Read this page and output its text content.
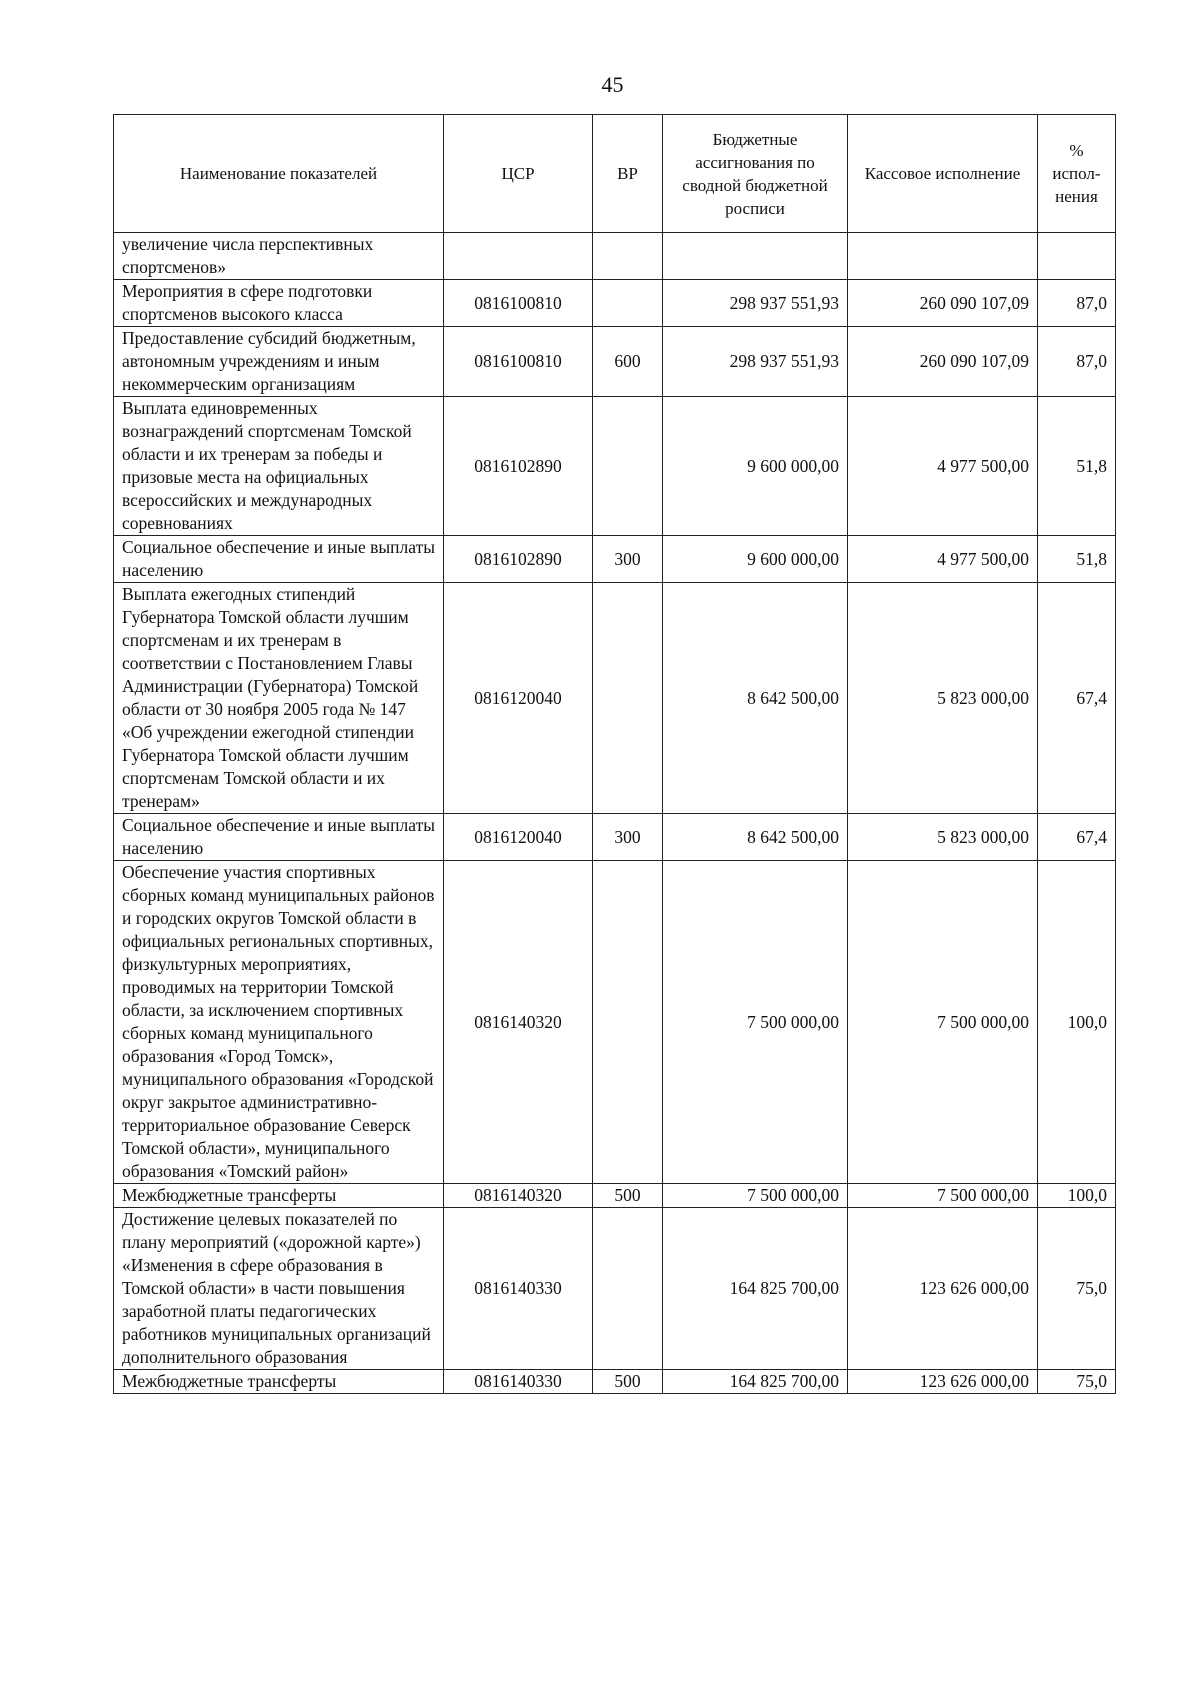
45
Наименование показателей	ЦСР	ВР	Бюджетные ассигнования по сводной бюджетной росписи	Кассовое исполнение	% испол-нения
увеличение числа перспективных спортсменов»					
Мероприятия в сфере подготовки спортсменов высокого класса	0816100810		298 937 551,93	260 090 107,09	87,0
Предоставление субсидий бюджетным, автономным учреждениям и иным некоммерческим организациям	0816100810	600	298 937 551,93	260 090 107,09	87,0
Выплата единовременных вознаграждений спортсменам Томской области и их тренерам за победы и призовые места на официальных всероссийских и международных соревнованиях	0816102890		9 600 000,00	4 977 500,00	51,8
Социальное обеспечение и иные выплаты населению	0816102890	300	9 600 000,00	4 977 500,00	51,8
Выплата ежегодных стипендий Губернатора Томской области лучшим спортсменам и их тренерам в соответствии с Постановлением Главы Администрации (Губернатора) Томской области от 30 ноября 2005 года № 147 «Об учреждении ежегодной стипендии Губернатора Томской области лучшим спортсменам Томской области и их тренерам»	0816120040		8 642 500,00	5 823 000,00	67,4
Социальное обеспечение и иные выплаты населению	0816120040	300	8 642 500,00	5 823 000,00	67,4
Обеспечение участия спортивных сборных команд муниципальных районов и городских округов Томской области в официальных региональных спортивных, физкультурных мероприятиях, проводимых на территории Томской области, за исключением спортивных сборных команд муниципального образования «Город Томск», муниципального образования «Городской округ закрытое административно-территориальное образование Северск Томской области», муниципального образования «Томский район»	0816140320		7 500 000,00	7 500 000,00	100,0
Межбюджетные трансферты	0816140320	500	7 500 000,00	7 500 000,00	100,0
Достижение целевых показателей по плану мероприятий («дорожной карте») «Изменения в сфере образования в Томской области» в части повышения заработной платы педагогических работников муниципальных организаций дополнительного образования	0816140330		164 825 700,00	123 626 000,00	75,0
Межбюджетные трансферты	0816140330	500	164 825 700,00	123 626 000,00	75,0
